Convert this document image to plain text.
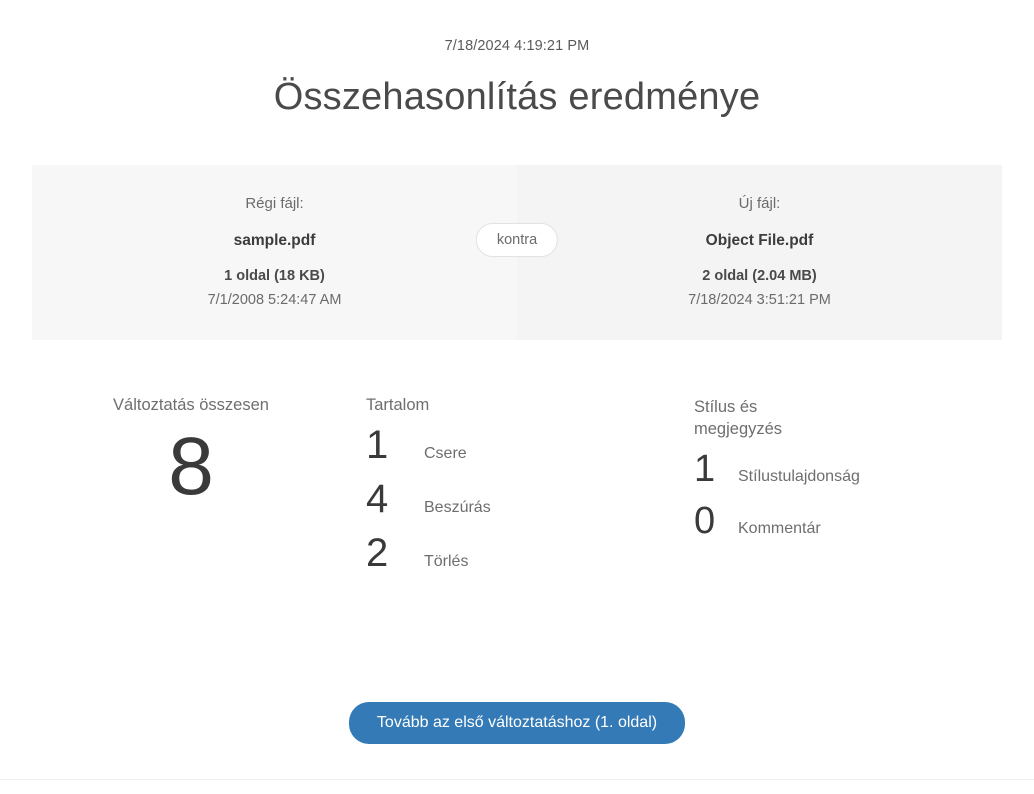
7/18/2024 4:19:21 PM
Összehasonlítás eredménye
Régi fájl:
sample.pdf
1 oldal (18 KB)
7/1/2008 5:24:47 AM
Új fájl:
Object File.pdf
2 oldal (2.04 MB)
7/18/2024 3:51:21 PM
kontra
Változtatás összesen
8
Tartalom
1	Csere
4	Beszúrás
2	Törlés
Stílus és megjegyzés
1	Stílustulajdonság
0	Kommentár
Tovább az első változtatáshoz (1. oldal)
